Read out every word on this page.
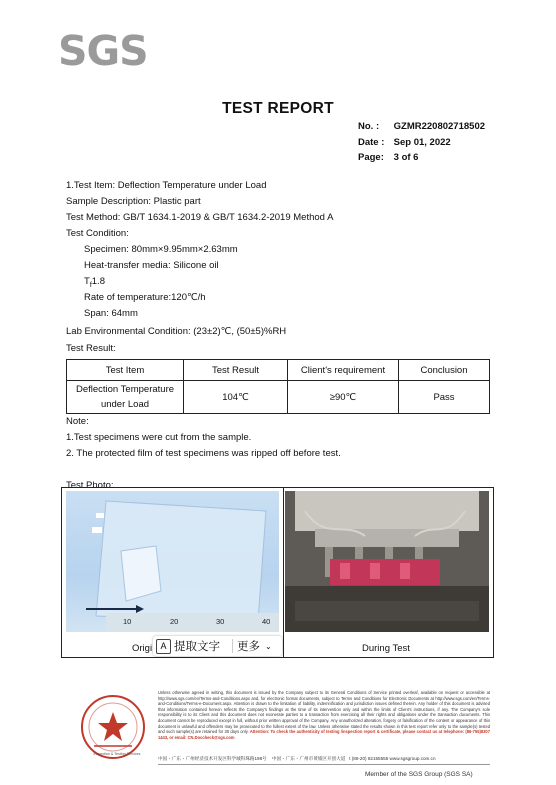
SGS
TEST REPORT
No. : GZMR220802718502
Date : Sep 01, 2022
Page: 3 of 6
1.Test Item: Deflection Temperature under Load
Sample Description: Plastic part
Test Method: GB/T 1634.1-2019 & GB/T 1634.2-2019 Method A
Test Condition:
Specimen: 80mm×9.95mm×2.63mm
Heat-transfer media: Silicone oil
$T_f1.8$
Rate of temperature:120℃/h
Span: 64mm
Lab Environmental Condition: (23±2)℃, (50±5)%RH
Test Result:
Test Item	Test Result	Client's requirement	Conclusion

Deflection Temperature
under Load	104℃	≥90℃	Pass
Note:
1.Test specimens were cut from the sample.
2. The protected film of test specimens was ripped off before test.
Test Photo:
10	20	30	40
Origi	During Test
A 提取文字 更多 ⌄
Inspection & Testing Services
Unless otherwise agreed in writing, this document is issued by the Company subject to its General Conditions of Service printed overleaf, available on request or accessible at http://www.sgs.com/en/Terms-and-Conditions.aspx and, for electronic format documents, subject to Terms and Conditions for Electronic Documents at http://www.sgs.com/en/Terms-and-Conditions/Terms-e-Document.aspx. Attention is drawn to the limitation of liability, indemnification and jurisdiction issues defined therein. Any holder of this document is advised that information contained hereon reflects the Company's findings at the time of its intervention only and within the limits of Client's instructions, if any. The Company's sole responsibility is to its Client and this document does not exonerate parties to a transaction from exercising all their rights and obligations under the transaction documents. This document cannot be reproduced except in full, without prior written approval of the Company. Any unauthorized alteration, forgery or falsification of the content or appearance of this document is unlawful and offenders may be prosecuted to the fullest extent of the law. Unless otherwise stated the results shown in this test report refer only to the sample(s) tested and such sample(s) are retained for 30 days only. Attention: To check the authenticity of testing /inspection report & certificate, please contact us at telephone: (86-755)8307 1443, or email: CN.Doccheck@sgs.com
中国・广东・广州经济技术开发区科学城科珠路198号 中国・广东・广州市黄埔区开创大道 t (86-20) 82155555 www.sgsgroup.com.cn
Member of the SGS Group (SGS SA)
